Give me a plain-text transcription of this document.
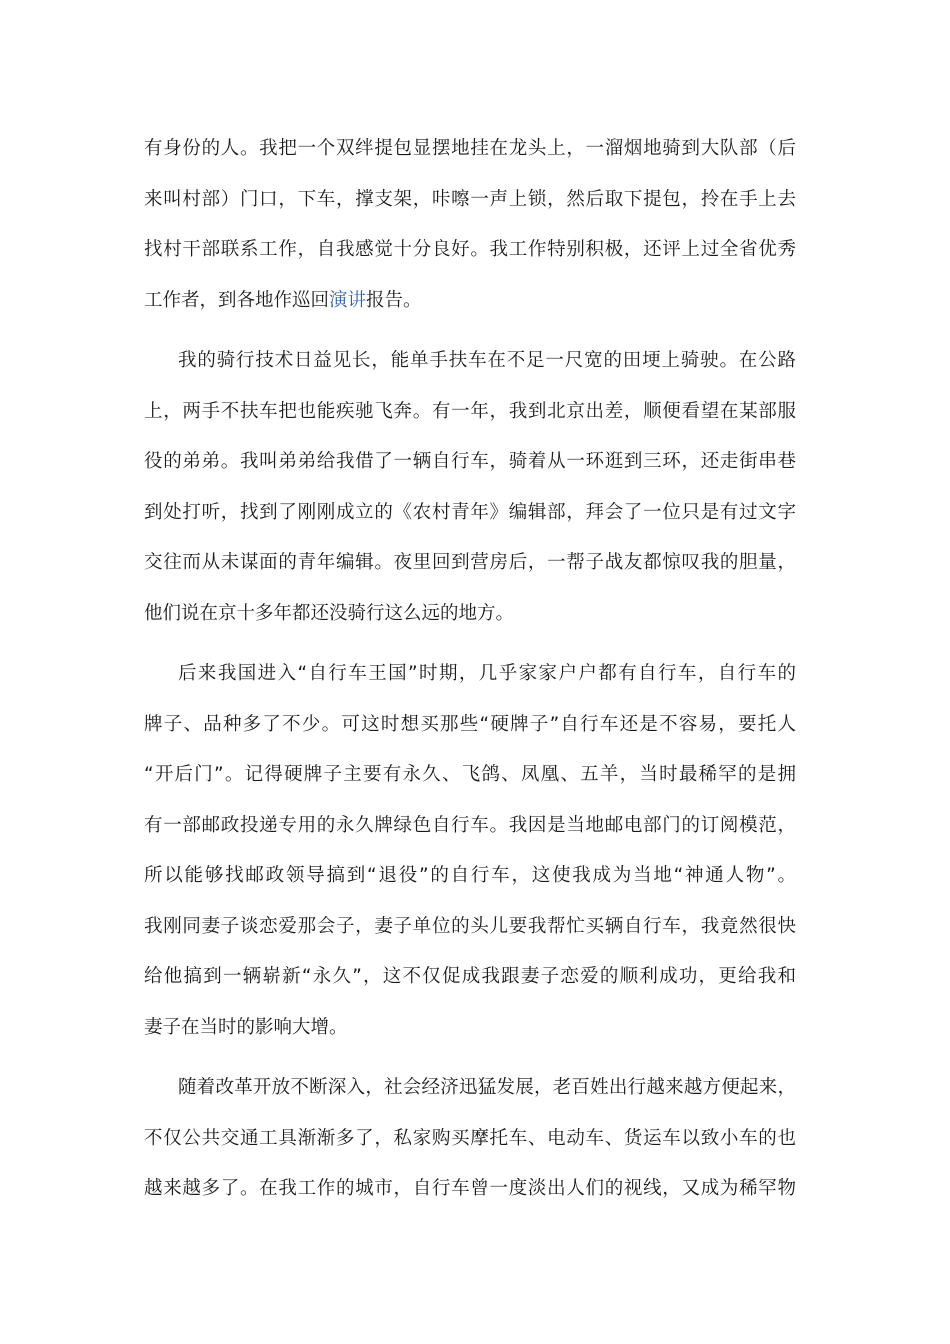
有身份的人。我把一个双绊提包显摆地挂在龙头上，一溜烟地骑到大队部（后
来叫村部）门口，下车，撑支架，咔嚓一声上锁，然后取下提包，拎在手上去
找村干部联系工作，自我感觉十分良好。我工作特别积极，还评上过全省优秀
工作者，到各地作巡回演讲报告。
我的骑行技术日益见长，能单手扶车在不足一尺宽的田埂上骑驶。在公路
上，两手不扶车把也能疾驰飞奔。有一年，我到北京出差，顺便看望在某部服
役的弟弟。我叫弟弟给我借了一辆自行车，骑着从一环逛到三环，还走街串巷
到处打听，找到了刚刚成立的《农村青年》编辑部，拜会了一位只是有过文字
交往而从未谋面的青年编辑。夜里回到营房后，一帮子战友都惊叹我的胆量，
他们说在京十多年都还没骑行这么远的地方。
后来我国进入“自行车王国”时期，几乎家家户户都有自行车，自行车的
牌子、品种多了不少。可这时想买那些“硬牌子”自行车还是不容易，要托人
“开后门”。记得硬牌子主要有永久、飞鸽、凤凰、五羊，当时最稀罕的是拥
有一部邮政投递专用的永久牌绿色自行车。我因是当地邮电部门的订阅模范，
所以能够找邮政领导搞到“退役”的自行车，这使我成为当地“神通人物”。
我刚同妻子谈恋爱那会子，妻子单位的头儿要我帮忙买辆自行车，我竟然很快
给他搞到一辆崭新“永久”，这不仅促成我跟妻子恋爱的顺利成功，更给我和
妻子在当时的影响大增。
随着改革开放不断深入，社会经济迅猛发展，老百姓出行越来越方便起来，
不仅公共交通工具渐渐多了，私家购买摩托车、电动车、货运车以致小车的也
越来越多了。在我工作的城市，自行车曾一度淡出人们的视线，又成为稀罕物
